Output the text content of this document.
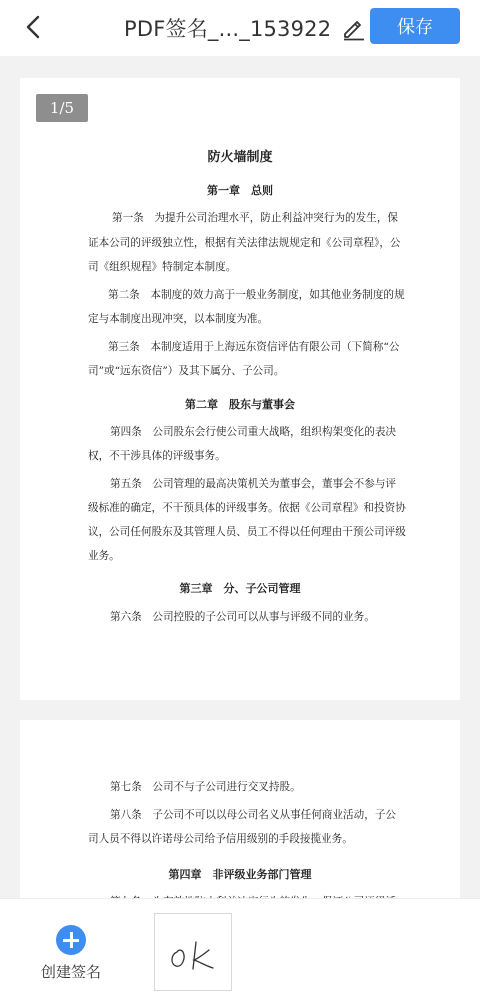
PDF签名_..._153922	保存
1/5
防火墙制度
第一章　总则
第一条　为提升公司治理水平，防止利益冲突行为的发生，保
证本公司的评级独立性，根据有关法律法规规定和《公司章程》，公
司《组织规程》特制定本制度。
第二条　本制度的效力高于一般业务制度，如其他业务制度的规
定与本制度出现冲突，以本制度为准。
第三条　本制度适用于上海远东资信评估有限公司（下简称“公
司”或“远东资信”）及其下属分、子公司。
第二章　股东与董事会
第四条　公司股东会行使公司重大战略，组织构架变化的表决
权，不干涉具体的评级事务。
第五条　公司管理的最高决策机关为董事会，董事会不参与评
级标准的确定，不干预具体的评级事务。依据《公司章程》和投资协
议，公司任何股东及其管理人员、员工不得以任何理由干预公司评级
业务。
第三章　分、子公司管理
第六条　公司控股的子公司可以从事与评级不同的业务。
第七条　公司不与子公司进行交叉持股。
第八条　子公司不可以以母公司名义从事任何商业活动，子公
司人员不得以许诺母公司给予信用级别的手段接揽业务。
第四章　非评级业务部门管理
创建签名
